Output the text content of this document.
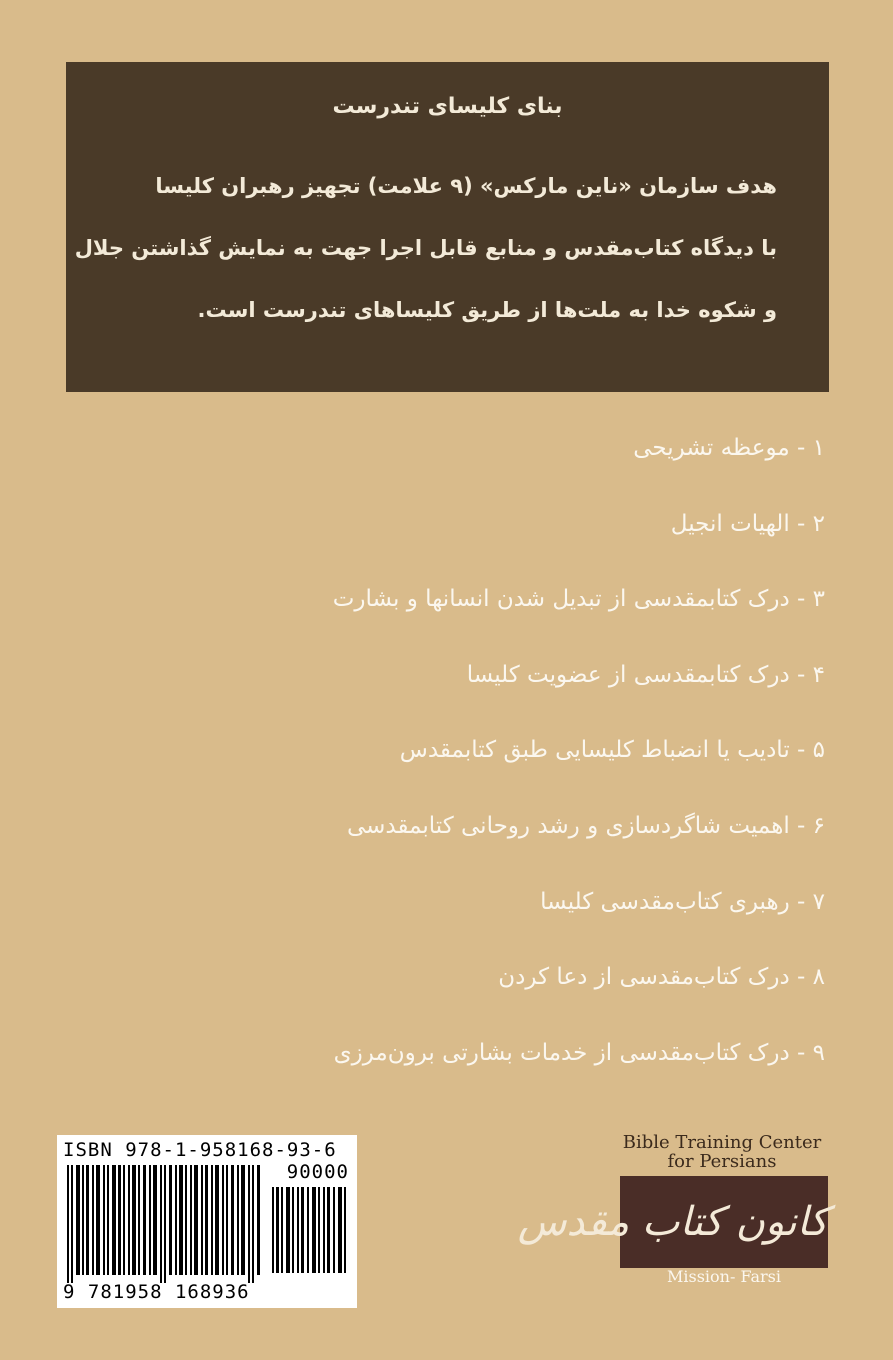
بنای کلیسای تندرست

هدف سازمان «ناین مارکس» (۹ علامت) تجهیز رهبران کلیسا

با دیدگاه کتاب‌مقدس و منابع قابل اجرا جهت به نمایش گذاشتن جلال

و شکوه خدا به ملت‌ها از طریق کلیساهای تندرست است.

۱ - موعظه تشریحی
۲ - الهیات انجیل
۳ - درک کتابمقدسی از تبدیل شدن انسانها و بشارت
۴ - درک کتابمقدسی از عضویت کلیسا
۵ - تادیب یا انضباط کلیسایی طبق کتابمقدس
۶ - اهمیت شاگردسازی و رشد روحانی کتابمقدسی
۷ - رهبری کتاب‌مقدسی کلیسا
۸ - درک کتاب‌مقدسی از دعا کردن
۹ - درک کتاب‌مقدسی از خدمات بشارتی برون‌مرزی
ISBN 978-1-958168-93-6
90000
9 781958 168936
Bible Training Center
for Persians
کانون کتاب مقدس
Mission- Farsi
